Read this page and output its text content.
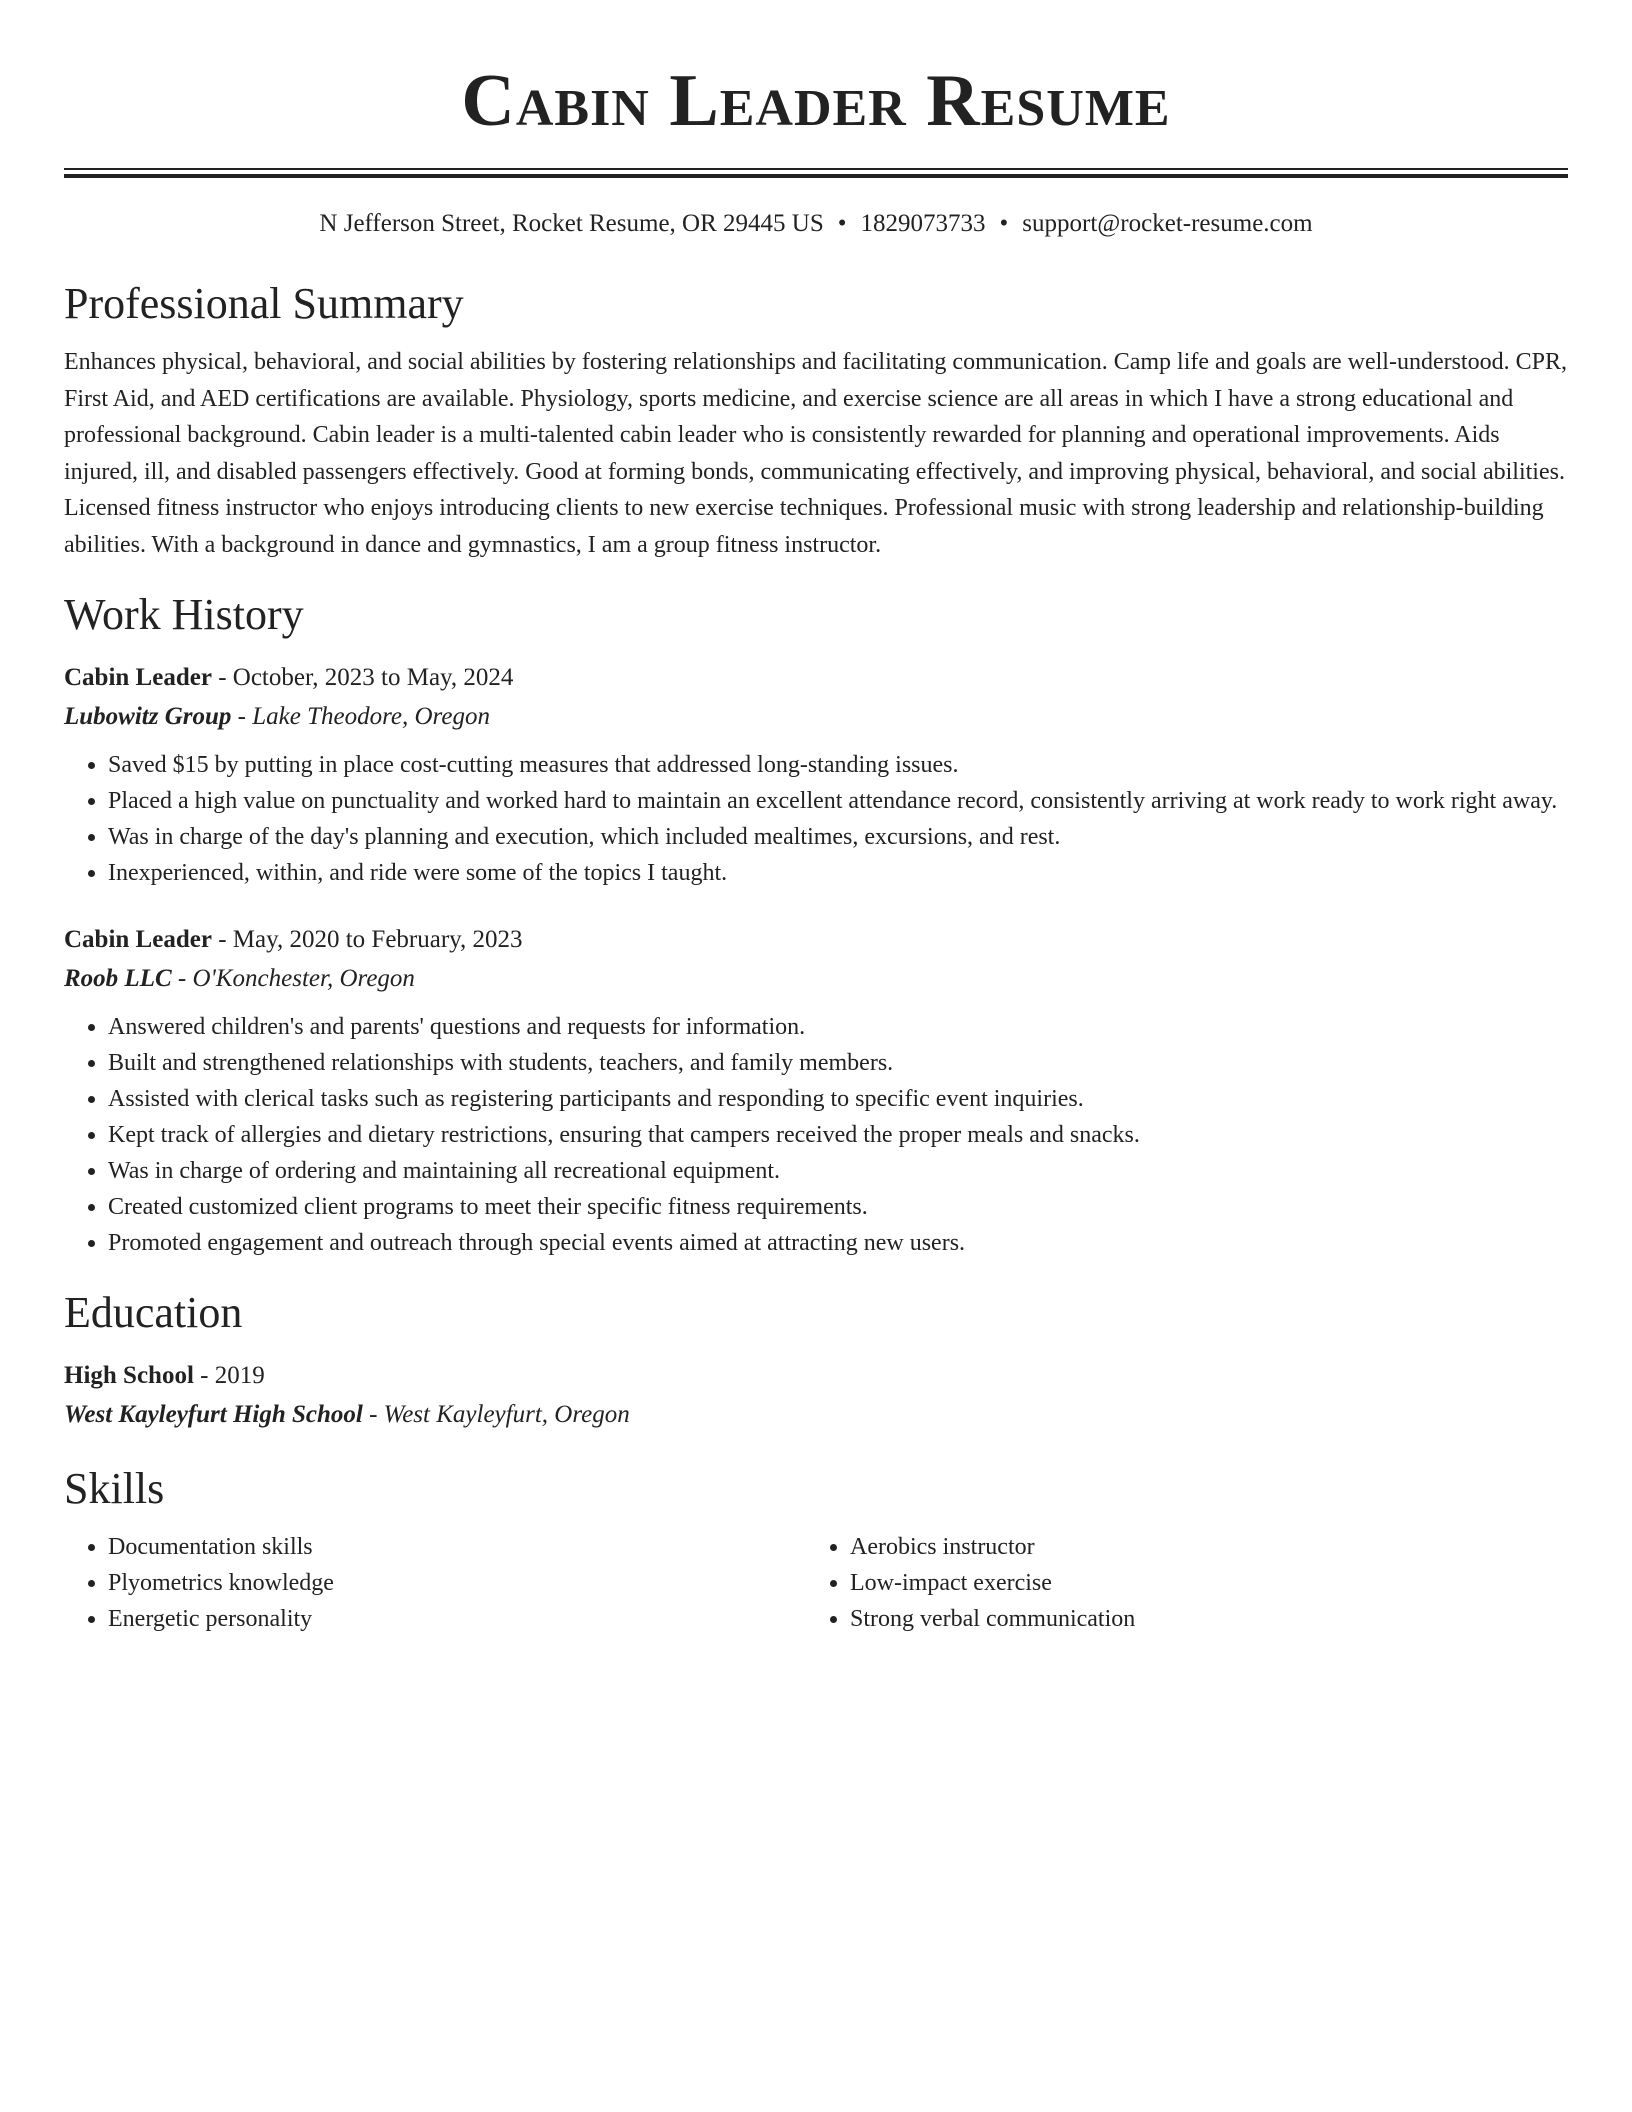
Cabin Leader Resume
N Jefferson Street, Rocket Resume, OR 29445 US • 1829073733 • support@rocket-resume.com
Professional Summary

Enhances physical, behavioral, and social abilities by fostering relationships and facilitating communication. Camp life and goals are well-understood. CPR, First Aid, and AED certifications are available. Physiology, sports medicine, and exercise science are all areas in which I have a strong educational and professional background. Cabin leader is a multi-talented cabin leader who is consistently rewarded for planning and operational improvements. Aids injured, ill, and disabled passengers effectively. Good at forming bonds, communicating effectively, and improving physical, behavioral, and social abilities. Licensed fitness instructor who enjoys introducing clients to new exercise techniques. Professional music with strong leadership and relationship-building abilities. With a background in dance and gymnastics, I am a group fitness instructor.

Work History
Cabin Leader - October, 2023 to May, 2024
Lubowitz Group - Lake Theodore, Oregon
• Saved $15 by putting in place cost-cutting measures that addressed long-standing issues.
• Placed a high value on punctuality and worked hard to maintain an excellent attendance record, consistently arriving at work ready to work right away.
• Was in charge of the day's planning and execution, which included mealtimes, excursions, and rest.
• Inexperienced, within, and ride were some of the topics I taught.
Cabin Leader - May, 2020 to February, 2023
Roob LLC - O'Konchester, Oregon
• Answered children's and parents' questions and requests for information.
• Built and strengthened relationships with students, teachers, and family members.
• Assisted with clerical tasks such as registering participants and responding to specific event inquiries.
• Kept track of allergies and dietary restrictions, ensuring that campers received the proper meals and snacks.
• Was in charge of ordering and maintaining all recreational equipment.
• Created customized client programs to meet their specific fitness requirements.
• Promoted engagement and outreach through special events aimed at attracting new users.
Education
High School - 2019
West Kayleyfurt High School - West Kayleyfurt, Oregon
Skills
• Documentation skills
• Plyometrics knowledge
• Energetic personality
• Aerobics instructor
• Low-impact exercise
• Strong verbal communication
